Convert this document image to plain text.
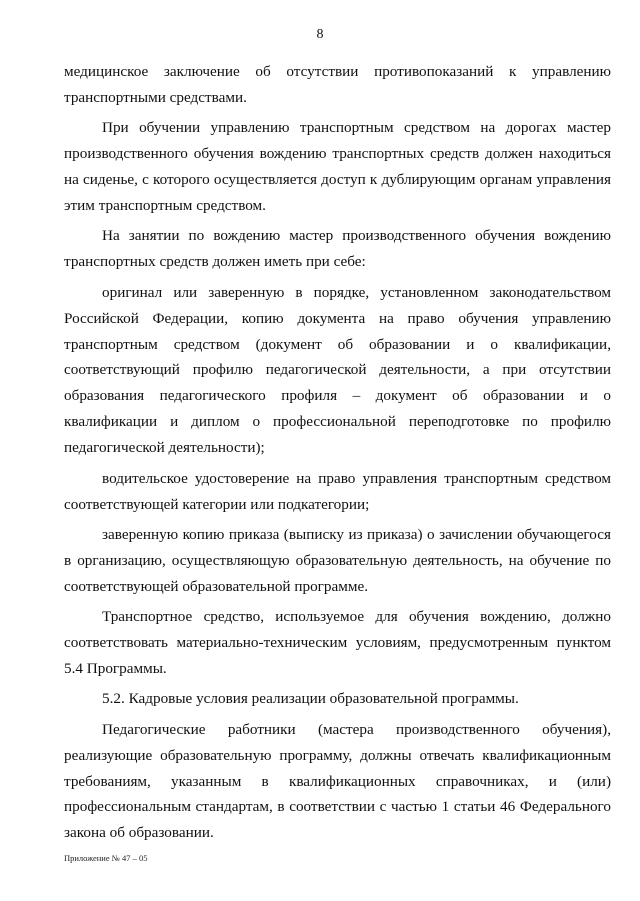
8

медицинское заключение об отсутствии противопоказаний к управлению транспортными средствами.

При обучении управлению транспортным средством на дорогах мастер производственного обучения вождению транспортных средств должен находиться на сиденье, с которого осуществляется доступ к дублирующим органам управления этим транспортным средством.

На занятии по вождению мастер производственного обучения вождению транспортных средств должен иметь при себе:

оригинал или заверенную в порядке, установленном законодательством Российской Федерации, копию документа на право обучения управлению транспортным средством (документ об образовании и о квалификации, соответствующий профилю педагогической деятельности, а при отсутствии образования педагогического профиля – документ об образовании и о квалификации и диплом о профессиональной переподготовке по профилю педагогической деятельности);

водительское удостоверение на право управления транспортным средством соответствующей категории или подкатегории;

заверенную копию приказа (выписку из приказа) о зачислении обучающегося в организацию, осуществляющую образовательную деятельность, на обучение по соответствующей образовательной программе.

Транспортное средство, используемое для обучения вождению, должно соответствовать материально-техническим условиям, предусмотренным пунктом 5.4 Программы.

5.2. Кадровые условия реализации образовательной программы.

Педагогические работники (мастера производственного обучения), реализующие образовательную программу, должны отвечать квалификационным требованиям, указанным в квалификационных справочниках, и (или) профессиональным стандартам, в соответствии с частью 1 статьи 46 Федерального закона об образовании.

Приложение № 47 – 05
